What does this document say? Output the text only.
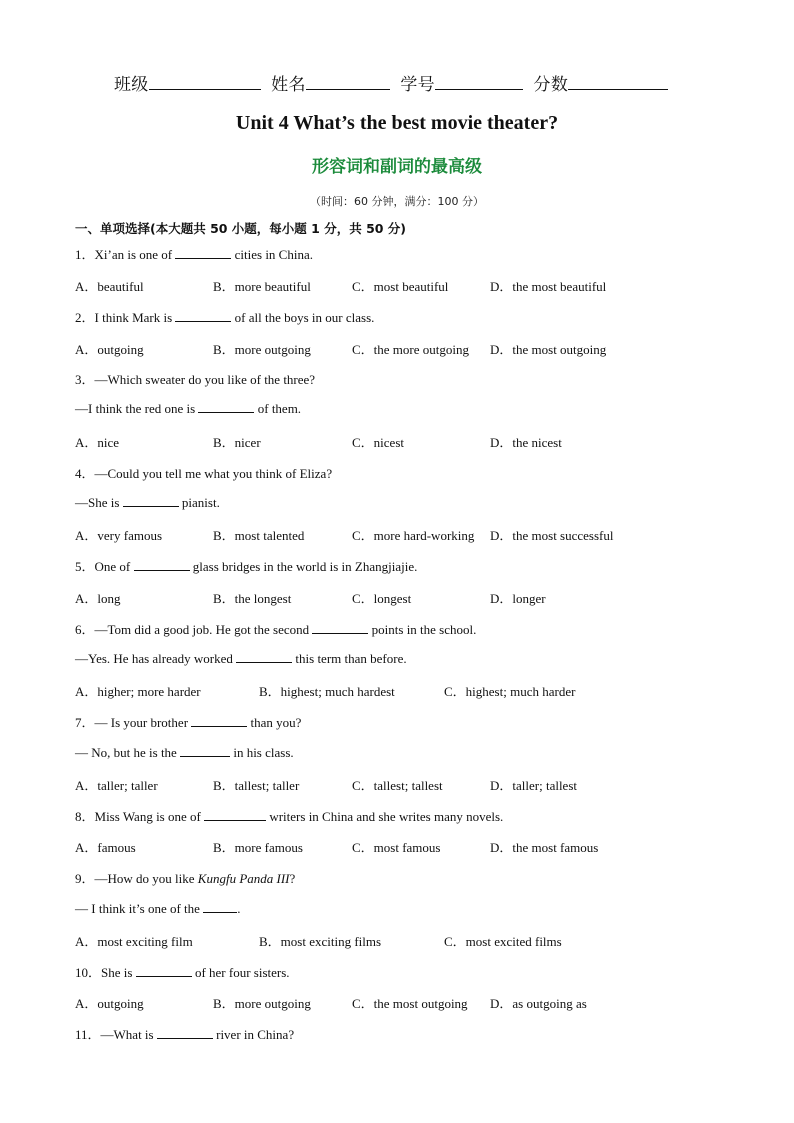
班级	姓名	学号	分数
Unit 4 What’s the best movie theater?
形容词和副词的最高级
（时间：60 分钟，满分：100 分）
一、单项选择(本大题共 50 小题，每小题 1 分，共 50 分)
1．Xi’an is one of	cities in China.
A．beautiful	B．more beautiful	C．most beautiful	D．the most beautiful
2．I think Mark is	of all the boys in our class.
A．outgoing	B．more outgoing	C．the more outgoing D．the most outgoing
3．—Which sweater do you like of the three?
—I think the red one is	of them.
A．nice	B．nicer	C．nicest	D．the nicest
4．—Could you tell me what you think of Eliza?
—She is	pianist.
A．very famous	B．most talented	C．more hard-working D．the most successful
5．One of	glass bridges in the world is in Zhangjiajie.
A．long	B．the longest	C．longest	D．longer
6．—Tom did a good job. He got the second	points in the school.
—Yes. He has already worked	this term than before.
A．higher; more harder	B．highest; much hardest	C．highest; much harder
7．— Is your brother	than you?
— No, but he is the	in his class.
A．taller; taller	B．tallest; taller	C．tallest; tallest	D．taller; tallest
8．Miss Wang is one of	writers in China and she writes many novels.
A．famous	B．more famous	C．most famous	D．the most famous
9．—How do you like Kungfu Panda III?
— I think it’s one of the	.
A．most exciting film	B．most exciting films	C．most excited films
10．She is	of her four sisters.
A．outgoing	B．more outgoing	C．the most outgoing D．as outgoing as
11．—What is	river in China?
